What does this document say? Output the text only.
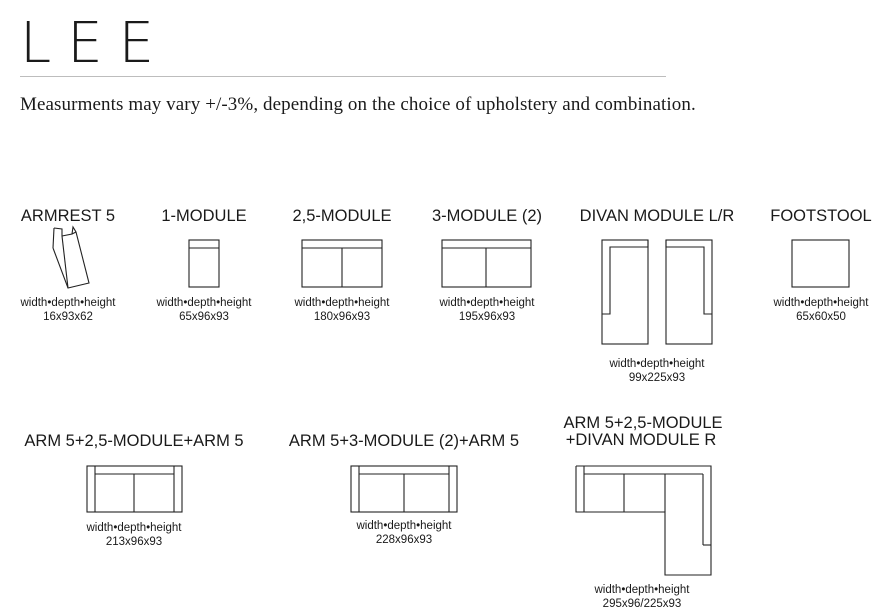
LEE
Measurments may vary +/-3%, depending on the choice of upholstery and combination.
ARMREST 5
width•depth•height
16x93x62
1-MODULE
width•depth•height
65x96x93
2,5-MODULE
width•depth•height
180x96x93
3-MODULE (2)
width•depth•height
195x96x93
DIVAN MODULE L/R
width•depth•height
99x225x93
FOOTSTOOL
width•depth•height
65x60x50
ARM 5+2,5-MODULE+ARM 5
width•depth•height
213x96x93
ARM 5+3-MODULE (2)+ARM 5
width•depth•height
228x96x93
ARM 5+2,5-MODULE
+DIVAN MODULE R
width•depth•height
295x96/225x93
